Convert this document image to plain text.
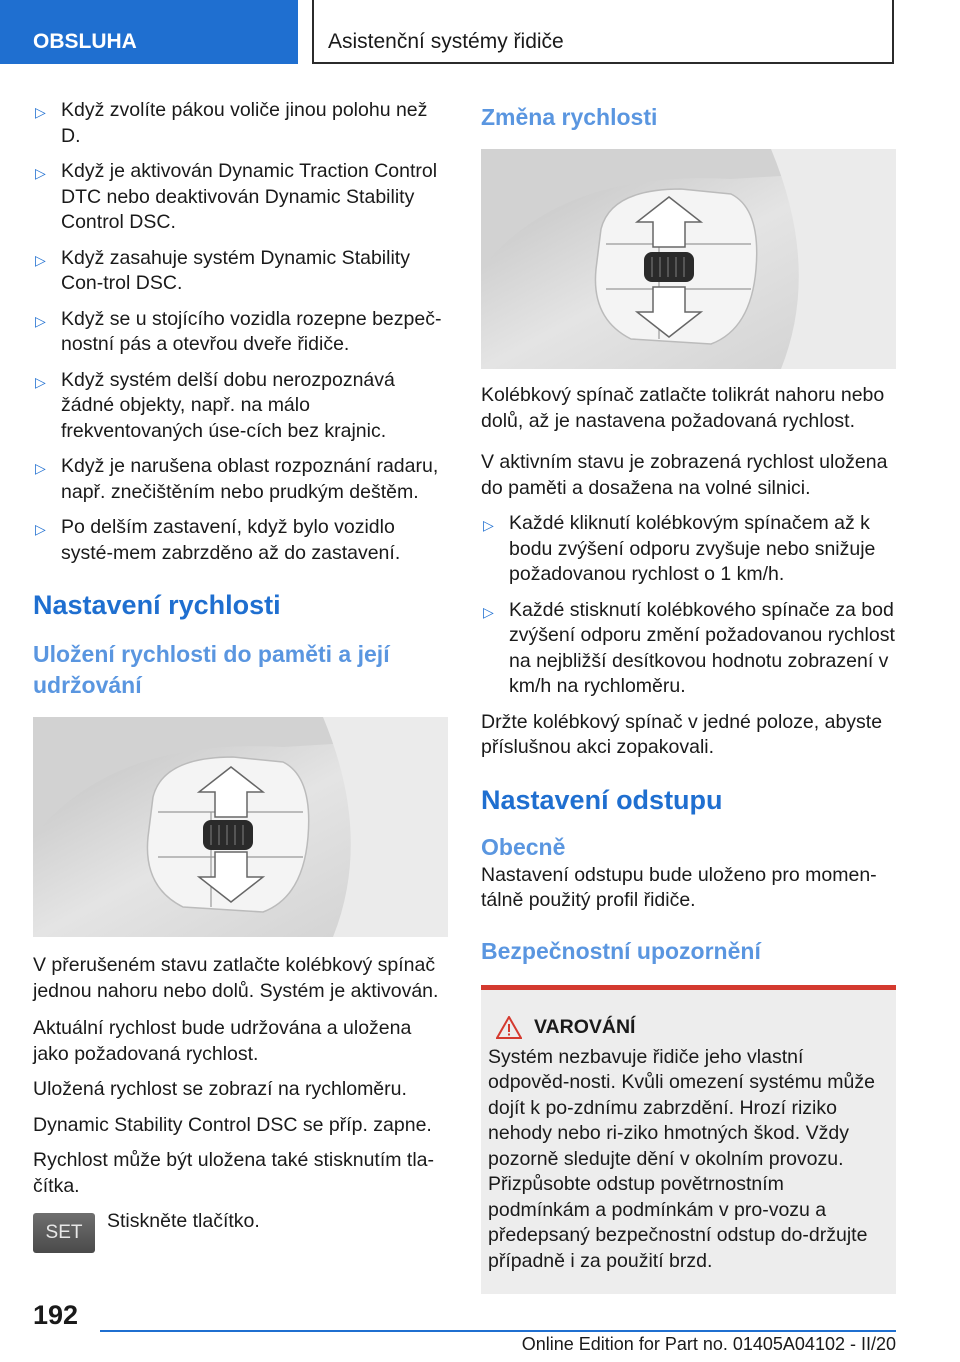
OBSLUHA	Asistenční systémy řidiče
▷ Když zvolíte pákou voliče jinou polohu než D.
▷ Když je aktivován Dynamic Traction Control DTC nebo deaktivován Dynamic Stability Control DSC.
▷ Když zasahuje systém Dynamic Stability Con-trol DSC.
▷ Když se u stojícího vozidla rozepne bezpeč-nostní pás a otevřou dveře řidiče.
▷ Když systém delší dobu nerozpoznává žádné objekty, např. na málo frekventovaných úse-cích bez krajnic.
▷ Když je narušena oblast rozpoznání radaru, např. znečištěním nebo prudkým deštěm.
▷ Po delším zastavení, když bylo vozidlo systé-mem zabrzděno až do zastavení.
Nastavení rychlosti
Uložení rychlosti do paměti a její udržování

V přerušeném stavu zatlačte kolébkový spínač jednou nahoru nebo dolů. Systém je aktivován.

Aktuální rychlost bude udržována a uložena jako požadovaná rychlost.

Uložená rychlost se zobrazí na rychloměru.

Dynamic Stability Control DSC se příp. zapne.

Rychlost může být uložena také stisknutím tla-čítka.

SET
Stiskněte tlačítko.
Změna rychlosti

Kolébkový spínač zatlačte tolikrát nahoru nebo dolů, až je nastavena požadovaná rychlost.

V aktivním stavu je zobrazená rychlost uložena do paměti a dosažena na volné silnici.

▷ Každé kliknutí kolébkovým spínačem až k bodu zvýšení odporu zvyšuje nebo snižuje požadovanou rychlost o 1 km/h.
▷ Každé stisknutí kolébkového spínače za bod zvýšení odporu změní požadovanou rychlost na nejbližší desítkovou hodnotu zobrazení v km/h na rychloměru.

Držte kolébkový spínač v jedné poloze, abyste příslušnou akci zopakovali.

Nastavení odstupu
Obecně

Nastavení odstupu bude uloženo pro momen-tálně použitý profil řidiče.

Bezpečnostní upozornění
VAROVÁNÍ
Systém nezbavuje řidiče jeho vlastní odpověd-nosti. Kvůli omezení systému může dojít k po-zdnímu zabrzdění. Hrozí riziko nehody nebo ri-ziko hmotných škod. Vždy pozorně sledujte dění v okolním provozu. Přizpůsobte odstup povětrnostním podmínkám a podmínkám v pro-vozu a předepsaný bezpečnostní odstup do-držujte případně i za použití brzd.
192
Online Edition for Part no. 01405A04102 - II/20
